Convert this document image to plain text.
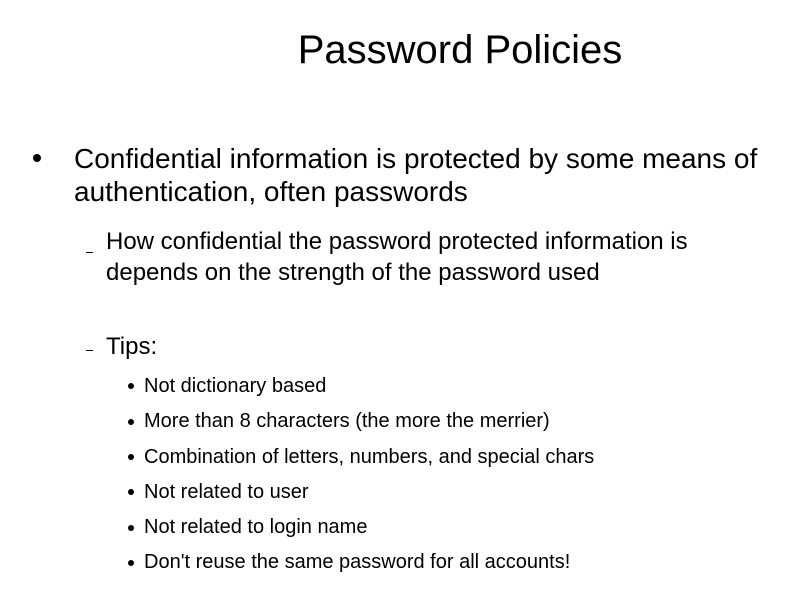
Password Policies
Confidential information is protected by some means of authentication, often passwords
How confidential the password protected information is depends on the strength of the password used
Tips:
Not dictionary based
More than 8 characters (the more the merrier)
Combination of letters, numbers, and special chars
Not related to user
Not related to login name
Don't reuse the same password for all accounts!
